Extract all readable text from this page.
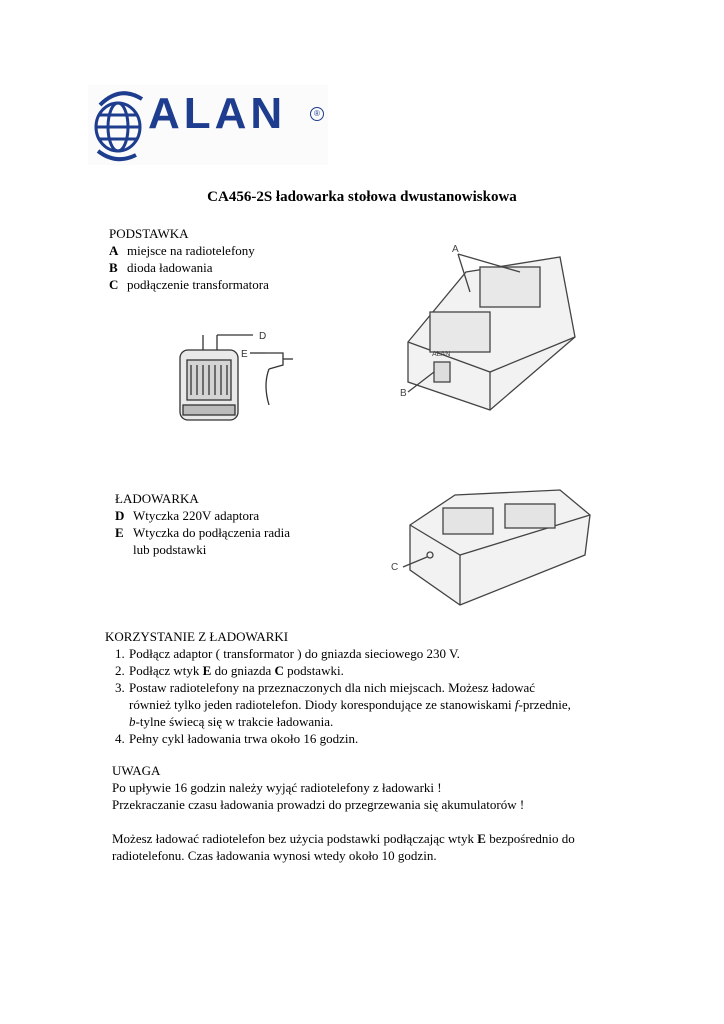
ALAN	®
CA456-2S ładowarka stołowa dwustanowiskowa

PODSTAWKA

A miejsce na radiotelefony

B dioda ładowania

C podłączenie transformatora

D
E
A
B
ALAN

ŁADOWARKA

D Wtyczka 220V adaptora

E Wtyczka do podłączenia radia

lub podstawki

C

KORZYSTANIE Z ŁADOWARKI

1. Podłącz adaptor ( transformator ) do gniazda sieciowego 230 V.
2. Podłącz wtyk E do gniazda C podstawki.
3. Postaw radiotelefony na przeznaczonych dla nich miejscach. Możesz ładować
również tylko jeden radiotelefon. Diody korespondujące ze stanowiskami f-przednie,
b-tylne świecą się w trakcie ładowania.
4. Pełny cykl ładowania trwa około 16 godzin.

UWAGA

Po upływie 16 godzin należy wyjąć radiotelefony z ładowarki !

Przekraczanie czasu ładowania prowadzi do przegrzewania się akumulatorów !

Możesz ładować radiotelefon bez użycia podstawki podłączając wtyk E bezpośrednio do

radiotelefonu. Czas ładowania wynosi wtedy około 10 godzin.
